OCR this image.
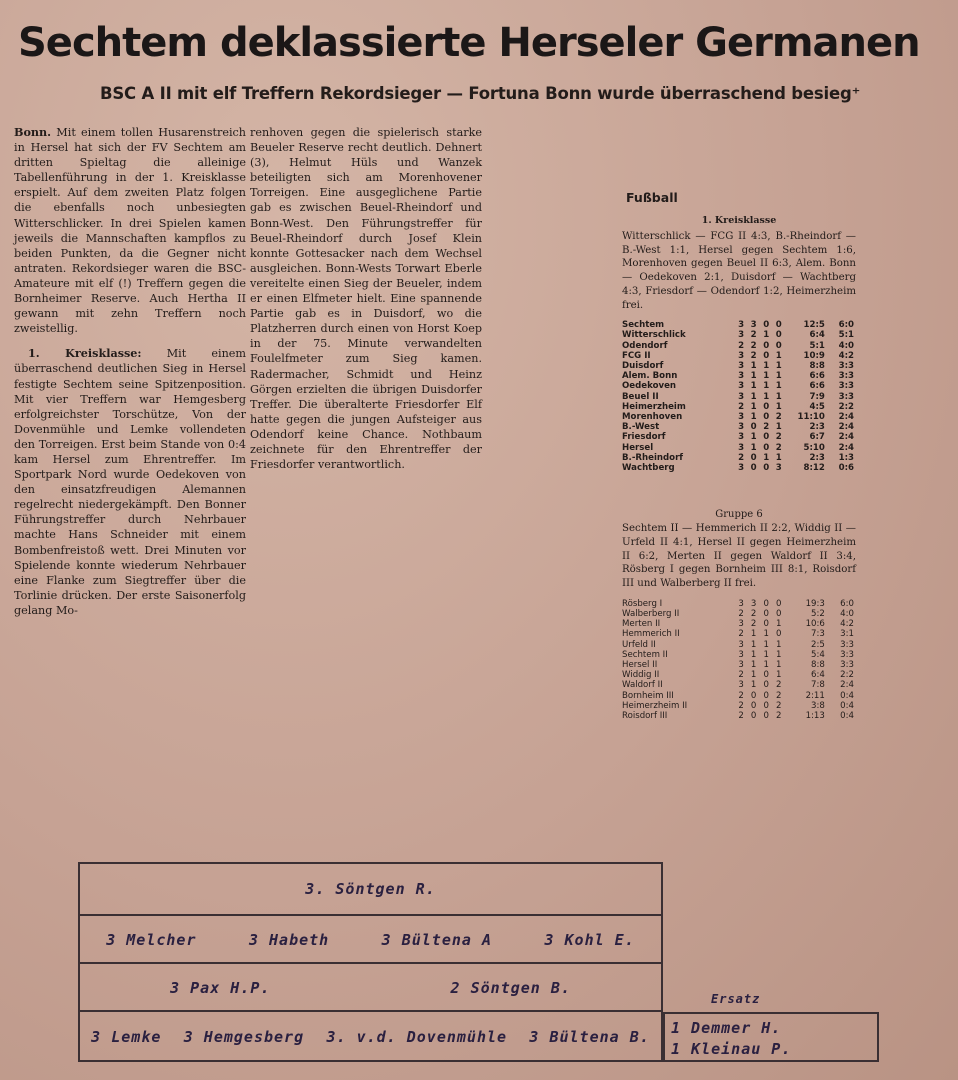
Sechtem deklassierte Herseler Germanen
BSC A II mit elf Treffern Rekordsieger — Fortuna Bonn wurde überraschend besieg⁺

Bonn. Mit einem tollen Husarenstreich in Hersel hat sich der FV Sechtem am dritten Spieltag die alleinige Tabellenführung in der 1. Kreisklasse erspielt. Auf dem zweiten Platz folgen die ebenfalls noch unbesiegten Witterschlicker. In drei Spielen kamen jeweils die Mannschaften kampflos zu beiden Punkten, da die Gegner nicht antraten. Rekordsieger waren die BSC-Amateure mit elf (!) Treffern gegen die Bornheimer Reserve. Auch Hertha II gewann mit zehn Treffern noch zweistellig.

1. Kreisklasse: Mit einem überraschend deutlichen Sieg in Hersel festigte Sechtem seine Spitzenposition. Mit vier Treffern war Hemgesberg erfolgreichster Torschütze, Von der Dovenmühle und Lemke vollendeten den Torreigen. Erst beim Stande von 0:4 kam Hersel zum Ehrentreffer. Im Sportpark Nord wurde Oedekoven von den einsatzfreudigen Alemannen regelrecht niedergekämpft. Den Bonner Führungstreffer durch Nehrbauer machte Hans Schneider mit einem Bombenfreistoß wett. Drei Minuten vor Spielende konnte wiederum Nehrbauer eine Flanke zum Siegtreffer über die Torlinie drücken. Der erste Saisonerfolg gelang Mo-

renhoven gegen die spielerisch starke Beueler Reserve recht deutlich. Dehnert (3), Helmut Hüls und Wanzek beteiligten sich am Morenhovener Torreigen. Eine ausgeglichene Partie gab es zwischen Beuel-Rheindorf und Bonn-West. Den Führungstreffer für Beuel-Rheindorf durch Josef Klein konnte Gottesacker nach dem Wechsel ausgleichen. Bonn-Wests Torwart Eberle vereitelte einen Sieg der Beueler, indem er einen Elfmeter hielt. Eine spannende Partie gab es in Duisdorf, wo die Platzherren durch einen von Horst Koep in der 75. Minute verwandelten Foulelfmeter zum Sieg kamen. Radermacher, Schmidt und Heinz Görgen erzielten die übrigen Duisdorfer Treffer. Die überalterte Friesdorfer Elf hatte gegen die jungen Aufsteiger aus Odendorf keine Chance. Nothbaum zeichnete für den Ehrentreffer der Friesdorfer verantwortlich.

Fußball
1. Kreisklasse
Witterschlick — FCG II 4:3, B.-Rheindorf — B.-West 1:1, Hersel gegen Sechtem 1:6, Morenhoven gegen Beuel II 6:3, Alem. Bonn — Oedekoven 2:1, Duisdorf — Wachtberg 4:3, Friesdorf — Odendorf 1:2, Heimerzheim frei.
Sechtem	3	3	0	0	12:5	6:0
Witterschlick	3	2	1	0	6:4	5:1
Odendorf	2	2	0	0	5:1	4:0
FCG II	3	2	0	1	10:9	4:2
Duisdorf	3	1	1	1	8:8	3:3
Alem. Bonn	3	1	1	1	6:6	3:3
Oedekoven	3	1	1	1	6:6	3:3
Beuel II	3	1	1	1	7:9	3:3
Heimerzheim	2	1	0	1	4:5	2:2
Morenhoven	3	1	0	2	11:10	2:4
B.-West	3	0	2	1	2:3	2:4
Friesdorf	3	1	0	2	6:7	2:4
Hersel	3	1	0	2	5:10	2:4
B.-Rheindorf	2	0	1	1	2:3	1:3
Wachtberg	3	0	0	3	8:12	0:6
Gruppe 6
Sechtem II — Hemmerich II 2:2, Widdig II — Urfeld II 4:1, Hersel II gegen Heimerzheim II 6:2, Merten II gegen Waldorf II 3:4, Rösberg I gegen Bornheim III 8:1, Roisdorf III und Walberberg II frei.
Rösberg I	3	3	0	0	19:3	6:0
Walberberg II	2	2	0	0	5:2	4:0
Merten II	3	2	0	1	10:6	4:2
Hemmerich II	2	1	1	0	7:3	3:1
Urfeld II	3	1	1	1	2:5	3:3
Sechtem II	3	1	1	1	5:4	3:3
Hersel II	3	1	1	1	8:8	3:3
Widdig II	2	1	0	1	6:4	2:2
Waldorf II	3	1	0	2	7:8	2:4
Bornheim III	2	0	0	2	2:11	0:4
Heimerzheim II	2	0	0	2	3:8	0:4
Roisdorf III	2	0	0	2	1:13	0:4
3. Söntgen R.
3 Melcher	3 Habeth	3 Bültena A	3 Kohl E.
3 Pax H.P.	2 Söntgen B.
3 Lemke 3 Hemgesberg 3. v.d. Dovenmühle 3 Bültena B.
Ersatz
1 Demmer H.
1 Kleinau P.
